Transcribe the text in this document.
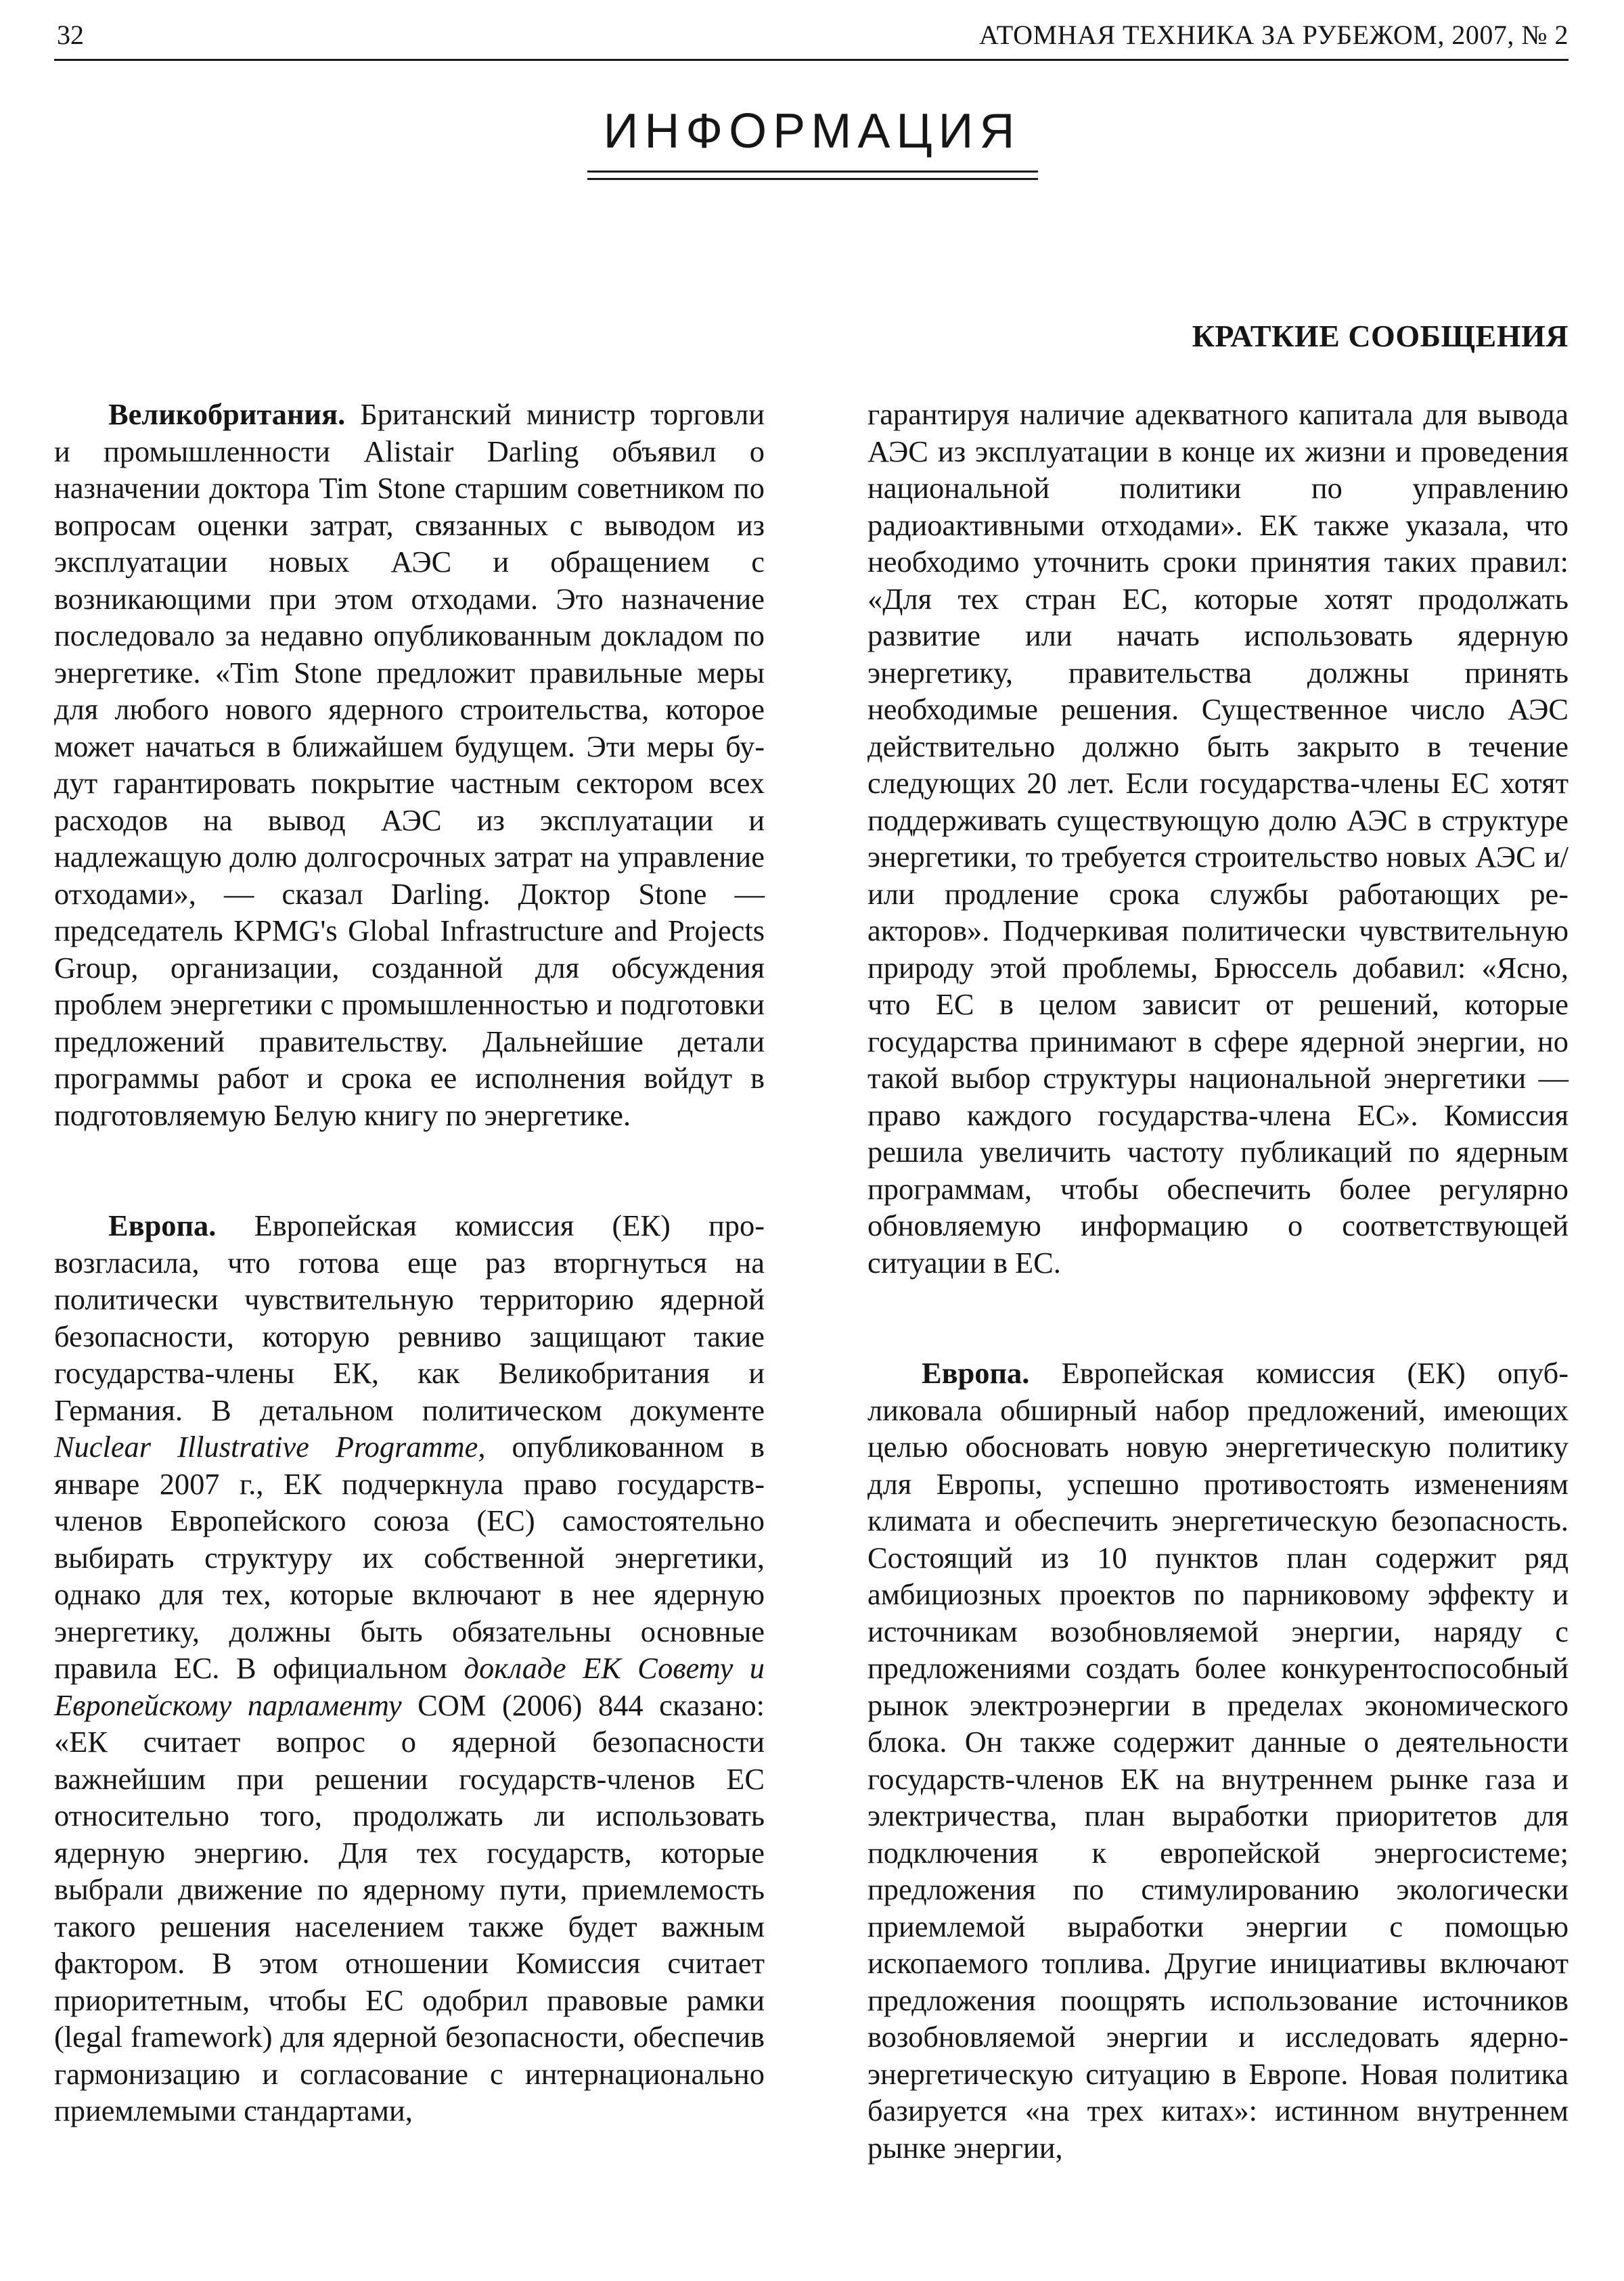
32	АТОМНАЯ ТЕХНИКА ЗА РУБЕЖОМ, 2007, № 2
ИНФОРМАЦИЯ
КРАТКИЕ СООБЩЕНИЯ

Великобритания. Британский министр торговли и промышленности Alistair Darling объявил о назначении доктора Tim Stone старшим советником по вопросам оценки затрат, связанных с выводом из эксплуатации новых АЭС и обращением с возникающими при этом отходами. Это назначение последовало за недавно опубликованным докладом по энергетике. «Tim Stone предложит правильные меры для любого нового ядерного строительства, которое может начаться в ближайшем будущем. Эти меры будут гарантировать покрытие частным сектором всех расходов на вывод АЭС из эксплуатации и надлежащую долю долгосрочных затрат на управление отходами», — сказал Darling. Доктор Stone — председатель KPMG's Global Infrastructure and Projects Group, организации, созданной для обсуждения проблем энергетики с промышленностью и подготовки предложений правительству. Дальнейшие детали программы работ и срока ее исполнения войдут в подготовляемую Белую книгу по энергетике.

Европа. Европейская комиссия (ЕК) провозгласила, что готова еще раз вторгнуться на политически чувствительную территорию ядерной безопасности, которую ревниво защищают такие государства-члены ЕК, как Великобритания и Германия. В детальном политическом документе Nuclear Illustrative Programme, опубликованном в январе 2007 г., ЕК подчеркнула право государств-членов Европейского союза (ЕС) самостоятельно выбирать структуру их собственной энергетики, однако для тех, которые включают в нее ядерную энергетику, должны быть обязательны основные правила ЕС. В официальном докладе ЕК Совету и Европейскому парламенту COM (2006) 844 сказано: «ЕК считает вопрос о ядерной безопасности важнейшим при решении государств-членов ЕС относительно того, продолжать ли использовать ядерную энергию. Для тех государств, которые выбрали движение по ядерному пути, приемлемость такого решения населением также будет важным фактором. В этом отношении Комиссия считает приоритетным, чтобы ЕС одобрил правовые рамки (legal framework) для ядерной безопасности, обеспечив гармонизацию и согласование с интернационально приемлемыми стандартами,

гарантируя наличие адекватного капитала для вывода АЭС из эксплуатации в конце их жизни и проведения национальной политики по управлению радиоактивными отходами». ЕК также указала, что необходимо уточнить сроки принятия таких правил: «Для тех стран ЕС, которые хотят продолжать развитие или начать использовать ядерную энергетику, правительства должны принять необходимые решения. Существенное число АЭС действительно должно быть закрыто в течение следующих 20 лет. Если государства-члены ЕС хотят поддерживать существующую долю АЭС в структуре энергетики, то требуется строительство новых АЭС и/или продление срока службы работающих реакторов». Подчеркивая политически чувствительную природу этой проблемы, Брюссель добавил: «Ясно, что ЕС в целом зависит от решений, которые государства принимают в сфере ядерной энергии, но такой выбор структуры национальной энергетики — право каждого государства-члена ЕС». Комиссия решила увеличить частоту публикаций по ядерным программам, чтобы обеспечить более регулярно обновляемую информацию о соответствующей ситуации в ЕС.

Европа. Европейская комиссия (ЕК) опубликовала обширный набор предложений, имеющих целью обосновать новую энергетическую политику для Европы, успешно противостоять изменениям климата и обеспечить энергетическую безопасность. Состоящий из 10 пунктов план содержит ряд амбициозных проектов по парниковому эффекту и источникам возобновляемой энергии, наряду с предложениями создать более конкурентоспособный рынок электроэнергии в пределах экономического блока. Он также содержит данные о деятельности государств-членов ЕК на внутреннем рынке газа и электричества, план выработки приоритетов для подключения к европейской энергосистеме; предложения по стимулированию экологически приемлемой выработки энергии с помощью ископаемого топлива. Другие инициативы включают предложения поощрять использование источников возобновляемой энергии и исследовать ядерно-энергетическую ситуацию в Европе. Новая политика базируется «на трех китах»: истинном внутреннем рынке энергии,
